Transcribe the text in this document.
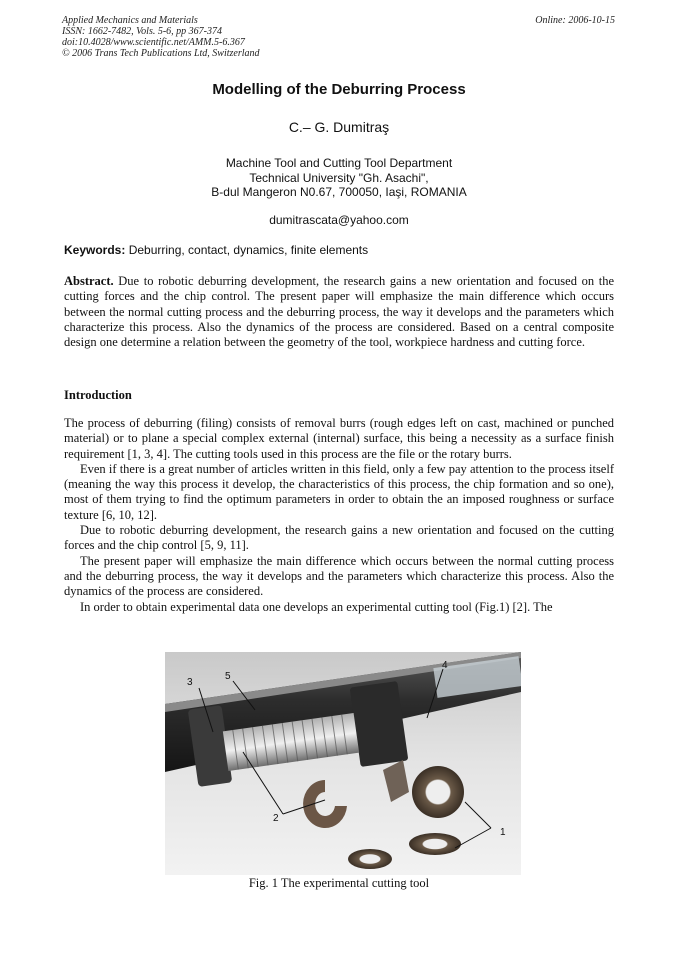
Applied Mechanics and Materials
ISSN: 1662-7482, Vols. 5-6, pp 367-374
doi:10.4028/www.scientific.net/AMM.5-6.367
© 2006 Trans Tech Publications Ltd, Switzerland
Online: 2006-10-15
Modelling of the Deburring Process
C.– G. Dumitraş
Machine Tool and Cutting Tool Department
Technical University "Gh. Asachi",
B-dul Mangeron N0.67, 700050, Iaşi, ROMANIA
dumitrascata@yahoo.com
Keywords: Deburring, contact, dynamics, finite elements
Abstract. Due to robotic deburring development, the research gains a new orientation and focused on the cutting forces and the chip control. The present paper will emphasize the main difference which occurs between the normal cutting process and the deburring process, the way it develops and the parameters which characterize this process. Also the dynamics of the process are considered. Based on a central composite design one determine a relation between the geometry of the tool, workpiece hardness and cutting force.
Introduction

The process of deburring (filing) consists of removal burrs (rough edges left on cast, machined or punched material) or to plane a special complex external (internal) surface, this being a necessity as a surface finish requirement [1, 3, 4]. The cutting tools used in this process are the file or the rotary burrs.

Even if there is a great number of articles written in this field, only a few pay attention to the process itself (meaning the way this process it develop, the characteristics of this process, the chip formation and so one), most of them trying to find the optimum parameters in order to obtain the an imposed roughness or surface texture [6, 10, 12].

Due to robotic deburring development, the research gains a new orientation and focused on the cutting forces and the chip control [5, 9, 11].

The present paper will emphasize the main difference which occurs between the normal cutting process and the deburring process, the way it develops and the parameters which characterize this process. Also the dynamics of the process are considered.

In order to obtain experimental data one develops an experimental cutting tool (Fig.1) [2]. The

1
2
3
4
5
Fig. 1 The experimental cutting tool
